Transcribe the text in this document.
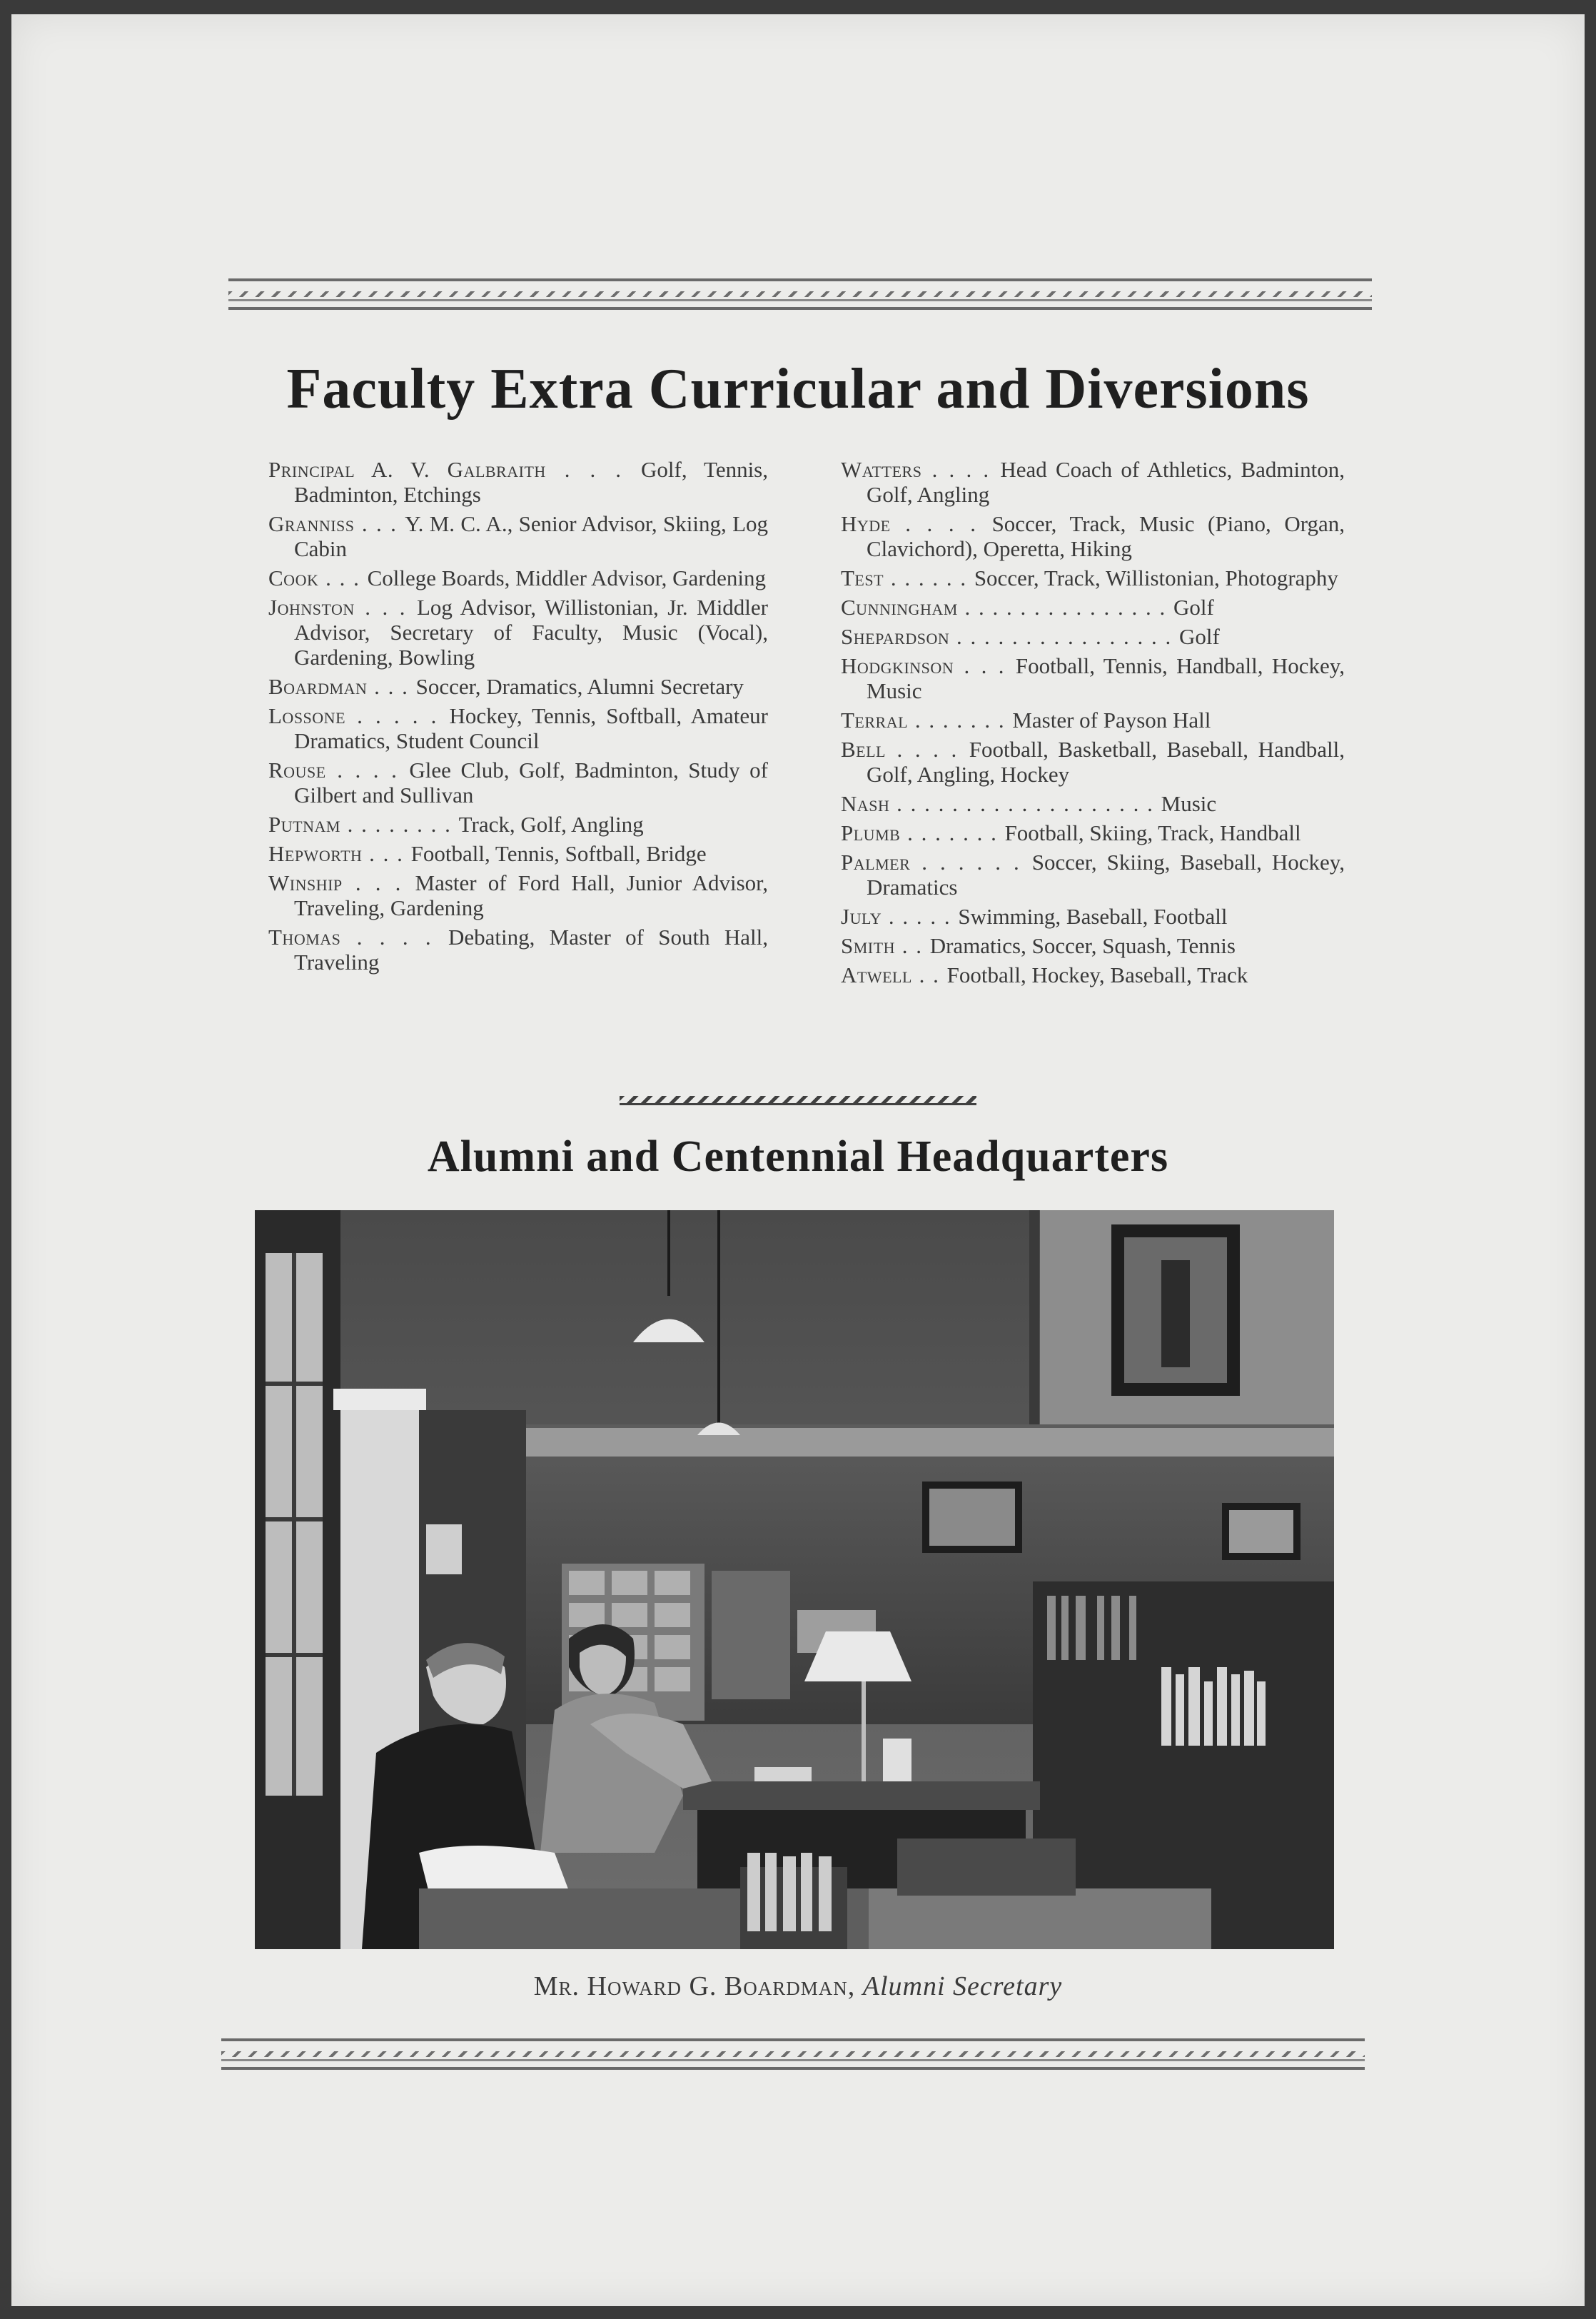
Faculty Extra Curricular and Diversions

Principal A. V. Galbraith . . . Golf, Tennis, Badminton, Etchings

Granniss . . . Y. M. C. A., Senior Advisor, Skiing, Log Cabin

Cook . . . College Boards, Middler Advisor, Gardening

Johnston . . . Log Advisor, Willistonian, Jr. Middler Advisor, Secretary of Faculty, Music (Vocal), Gardening, Bowling

Boardman . . . Soccer, Dramatics, Alumni Secretary

Lossone . . . . . Hockey, Tennis, Softball, Amateur Dramatics, Student Council

Rouse . . . . Glee Club, Golf, Badminton, Study of Gilbert and Sullivan

Putnam . . . . . . . . Track, Golf, Angling

Hepworth . . . Football, Tennis, Softball, Bridge

Winship . . . Master of Ford Hall, Junior Advisor, Traveling, Gardening

Thomas . . . . Debating, Master of South Hall, Traveling

Watters . . . . Head Coach of Athletics, Badminton, Golf, Angling

Hyde . . . . Soccer, Track, Music (Piano, Organ, Clavichord), Operetta, Hiking

Test . . . . . . Soccer, Track, Willistonian, Photography

Cunningham . . . . . . . . . . . . . . . Golf

Shepardson . . . . . . . . . . . . . . . . Golf

Hodgkinson . . . Football, Tennis, Handball, Hockey, Music

Terral . . . . . . . Master of Payson Hall

Bell . . . . Football, Basketball, Baseball, Handball, Golf, Angling, Hockey

Nash . . . . . . . . . . . . . . . . . . . Music

Plumb . . . . . . . Football, Skiing, Track, Handball

Palmer . . . . . . Soccer, Skiing, Baseball, Hockey, Dramatics

July . . . . . Swimming, Baseball, Football

Smith . . Dramatics, Soccer, Squash, Tennis

Atwell . . Football, Hockey, Baseball, Track

Alumni and Centennial Headquarters
Mr. Howard G. Boardman, Alumni Secretary
